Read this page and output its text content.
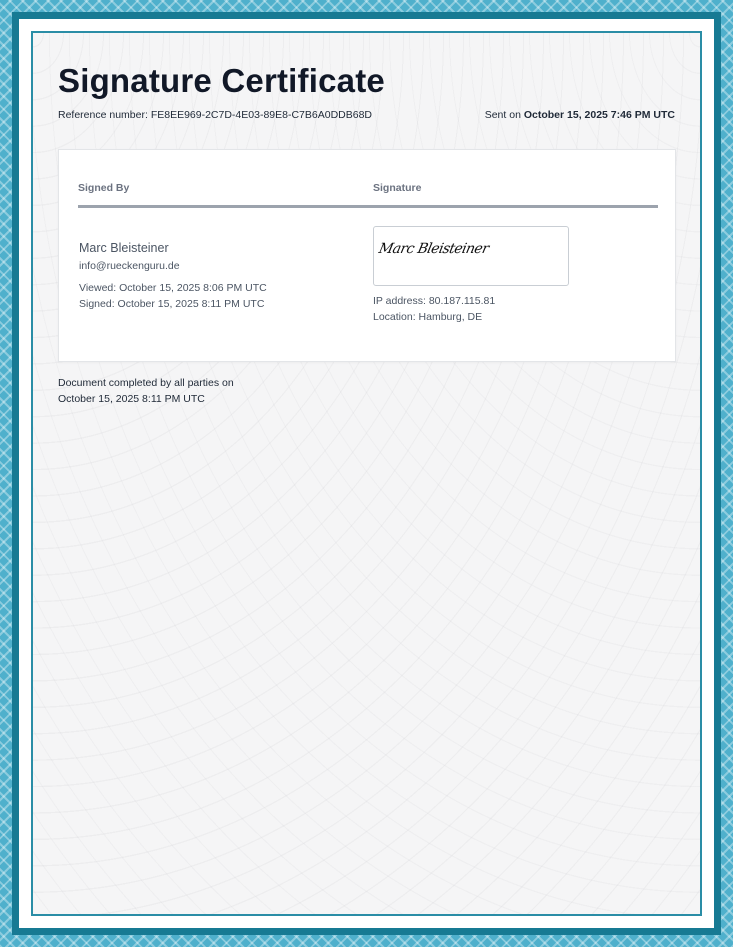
Signature Certificate
Reference number: FE8EE969-2C7D-4E03-89E8-C7B6A0DDB68D	Sent on October 15, 2025 7:46 PM UTC
Signed By	Signature
Marc Bleisteiner
info@rueckenguru.de
Viewed: October 15, 2025 8:06 PM UTC
Signed: October 15, 2025 8:11 PM UTC
Marc Bleisteiner
IP address: 80.187.115.81
Location: Hamburg, DE
Document completed by all parties on
October 15, 2025 8:11 PM UTC
